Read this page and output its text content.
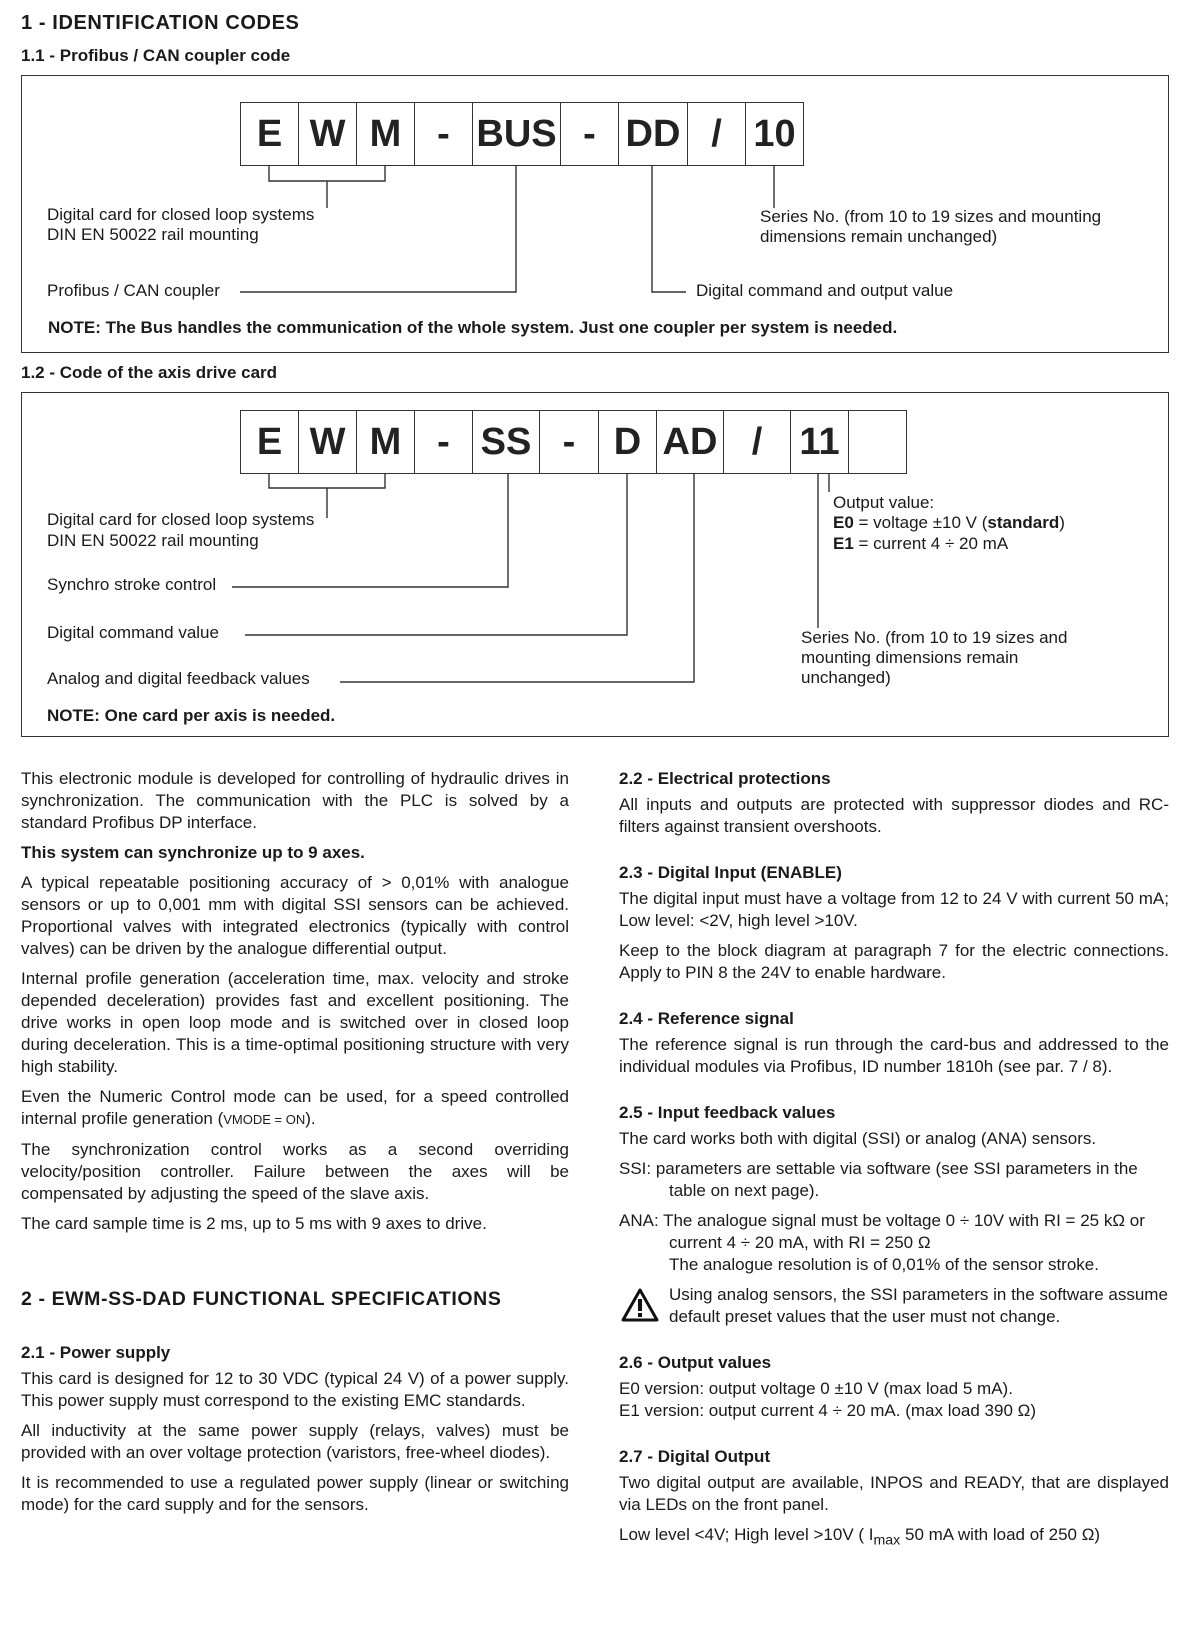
1 - IDENTIFICATION CODES
1.1 - Profibus / CAN coupler code
E W M - BUS - DD / 10
Digital card for closed loop systems
DIN EN 50022 rail mounting
Profibus / CAN coupler
Series No. (from 10 to 19 sizes and mounting
dimensions remain unchanged)
Digital command and output value
NOTE: The Bus handles the communication of the whole system. Just one coupler per system is needed.
1.2 - Code of the axis drive card
E W M - SS -	D AD / 11
Digital card for closed loop systems
DIN EN 50022 rail mounting
Synchro stroke control
Digital command value
Analog and digital feedback values
Output value:
E0 = voltage ±10 V (standard)
E1 = current 4 ÷ 20 mA
Series No. (from 10 to 19 sizes and
mounting dimensions remain
unchanged)
NOTE: One card per axis is needed.

This electronic module is developed for controlling of hydraulic drives in synchronization. The communication with the PLC is solved by a standard Profibus DP interface.

This system can synchronize up to 9 axes.

A typical repeatable positioning accuracy of > 0,01% with analogue sensors or up to 0,001 mm with digital SSI sensors can be achieved. Proportional valves with integrated electronics (typically with control valves) can be driven by the analogue differential output.

Internal profile generation (acceleration time, max. velocity and stroke depended deceleration) provides fast and excellent positioning. The drive works in open loop mode and is switched over in closed loop during deceleration. This is a time-optimal positioning structure with very high stability.

Even the Numeric Control mode can be used, for a speed controlled internal profile generation (VMODE = ON).

The synchronization control works as a second overriding velocity/position controller. Failure between the axes will be compensated by adjusting the speed of the slave axis.

The card sample time is 2 ms, up to 5 ms with 9 axes to drive.

2 - EWM-SS-DAD FUNCTIONAL SPECIFICATIONS
2.1 - Power supply

This card is designed for 12 to 30 VDC (typical 24 V) of a power supply. This power supply must correspond to the existing EMC standards.

All inductivity at the same power supply (relays, valves) must be provided with an over voltage protection (varistors, free-wheel diodes).

It is recommended to use a regulated power supply (linear or switching mode) for the card supply and for the sensors.

2.2 - Electrical protections

All inputs and outputs are protected with suppressor diodes and RC-filters against transient overshoots.

2.3 - Digital Input (ENABLE)

The digital input must have a voltage from 12 to 24 V with current 50 mA; Low level: <2V, high level >10V.

Keep to the block diagram at paragraph 7 for the electric connections. Apply to PIN 8 the 24V to enable hardware.

2.4 - Reference signal

The reference signal is run through the card-bus and addressed to the individual modules via Profibus, ID number 1810h (see par. 7 / 8).

2.5 - Input feedback values

The card works both with digital (SSI) or analog (ANA) sensors.

SSI: parameters are settable via software (see SSI parameters in the table on next page).

ANA: The analogue signal must be voltage 0 ÷ 10V with RI = 25 kΩ or current 4 ÷ 20 mA, with RI = 250 Ω

The analogue resolution is of 0,01% of the sensor stroke.

Using analog sensors, the SSI parameters in the software assume default preset values that the user must not change.
2.6 - Output values
E0 version: output voltage 0 ±10 V (max load 5 mA).
E1 version: output current 4 ÷ 20 mA. (max load 390 Ω)
2.7 - Digital Output

Two digital output are available, INPOS and READY, that are displayed via LEDs on the front panel.

Low level <4V; High level >10V ( $I_{max}$ 50 mA with load of 250 Ω)
